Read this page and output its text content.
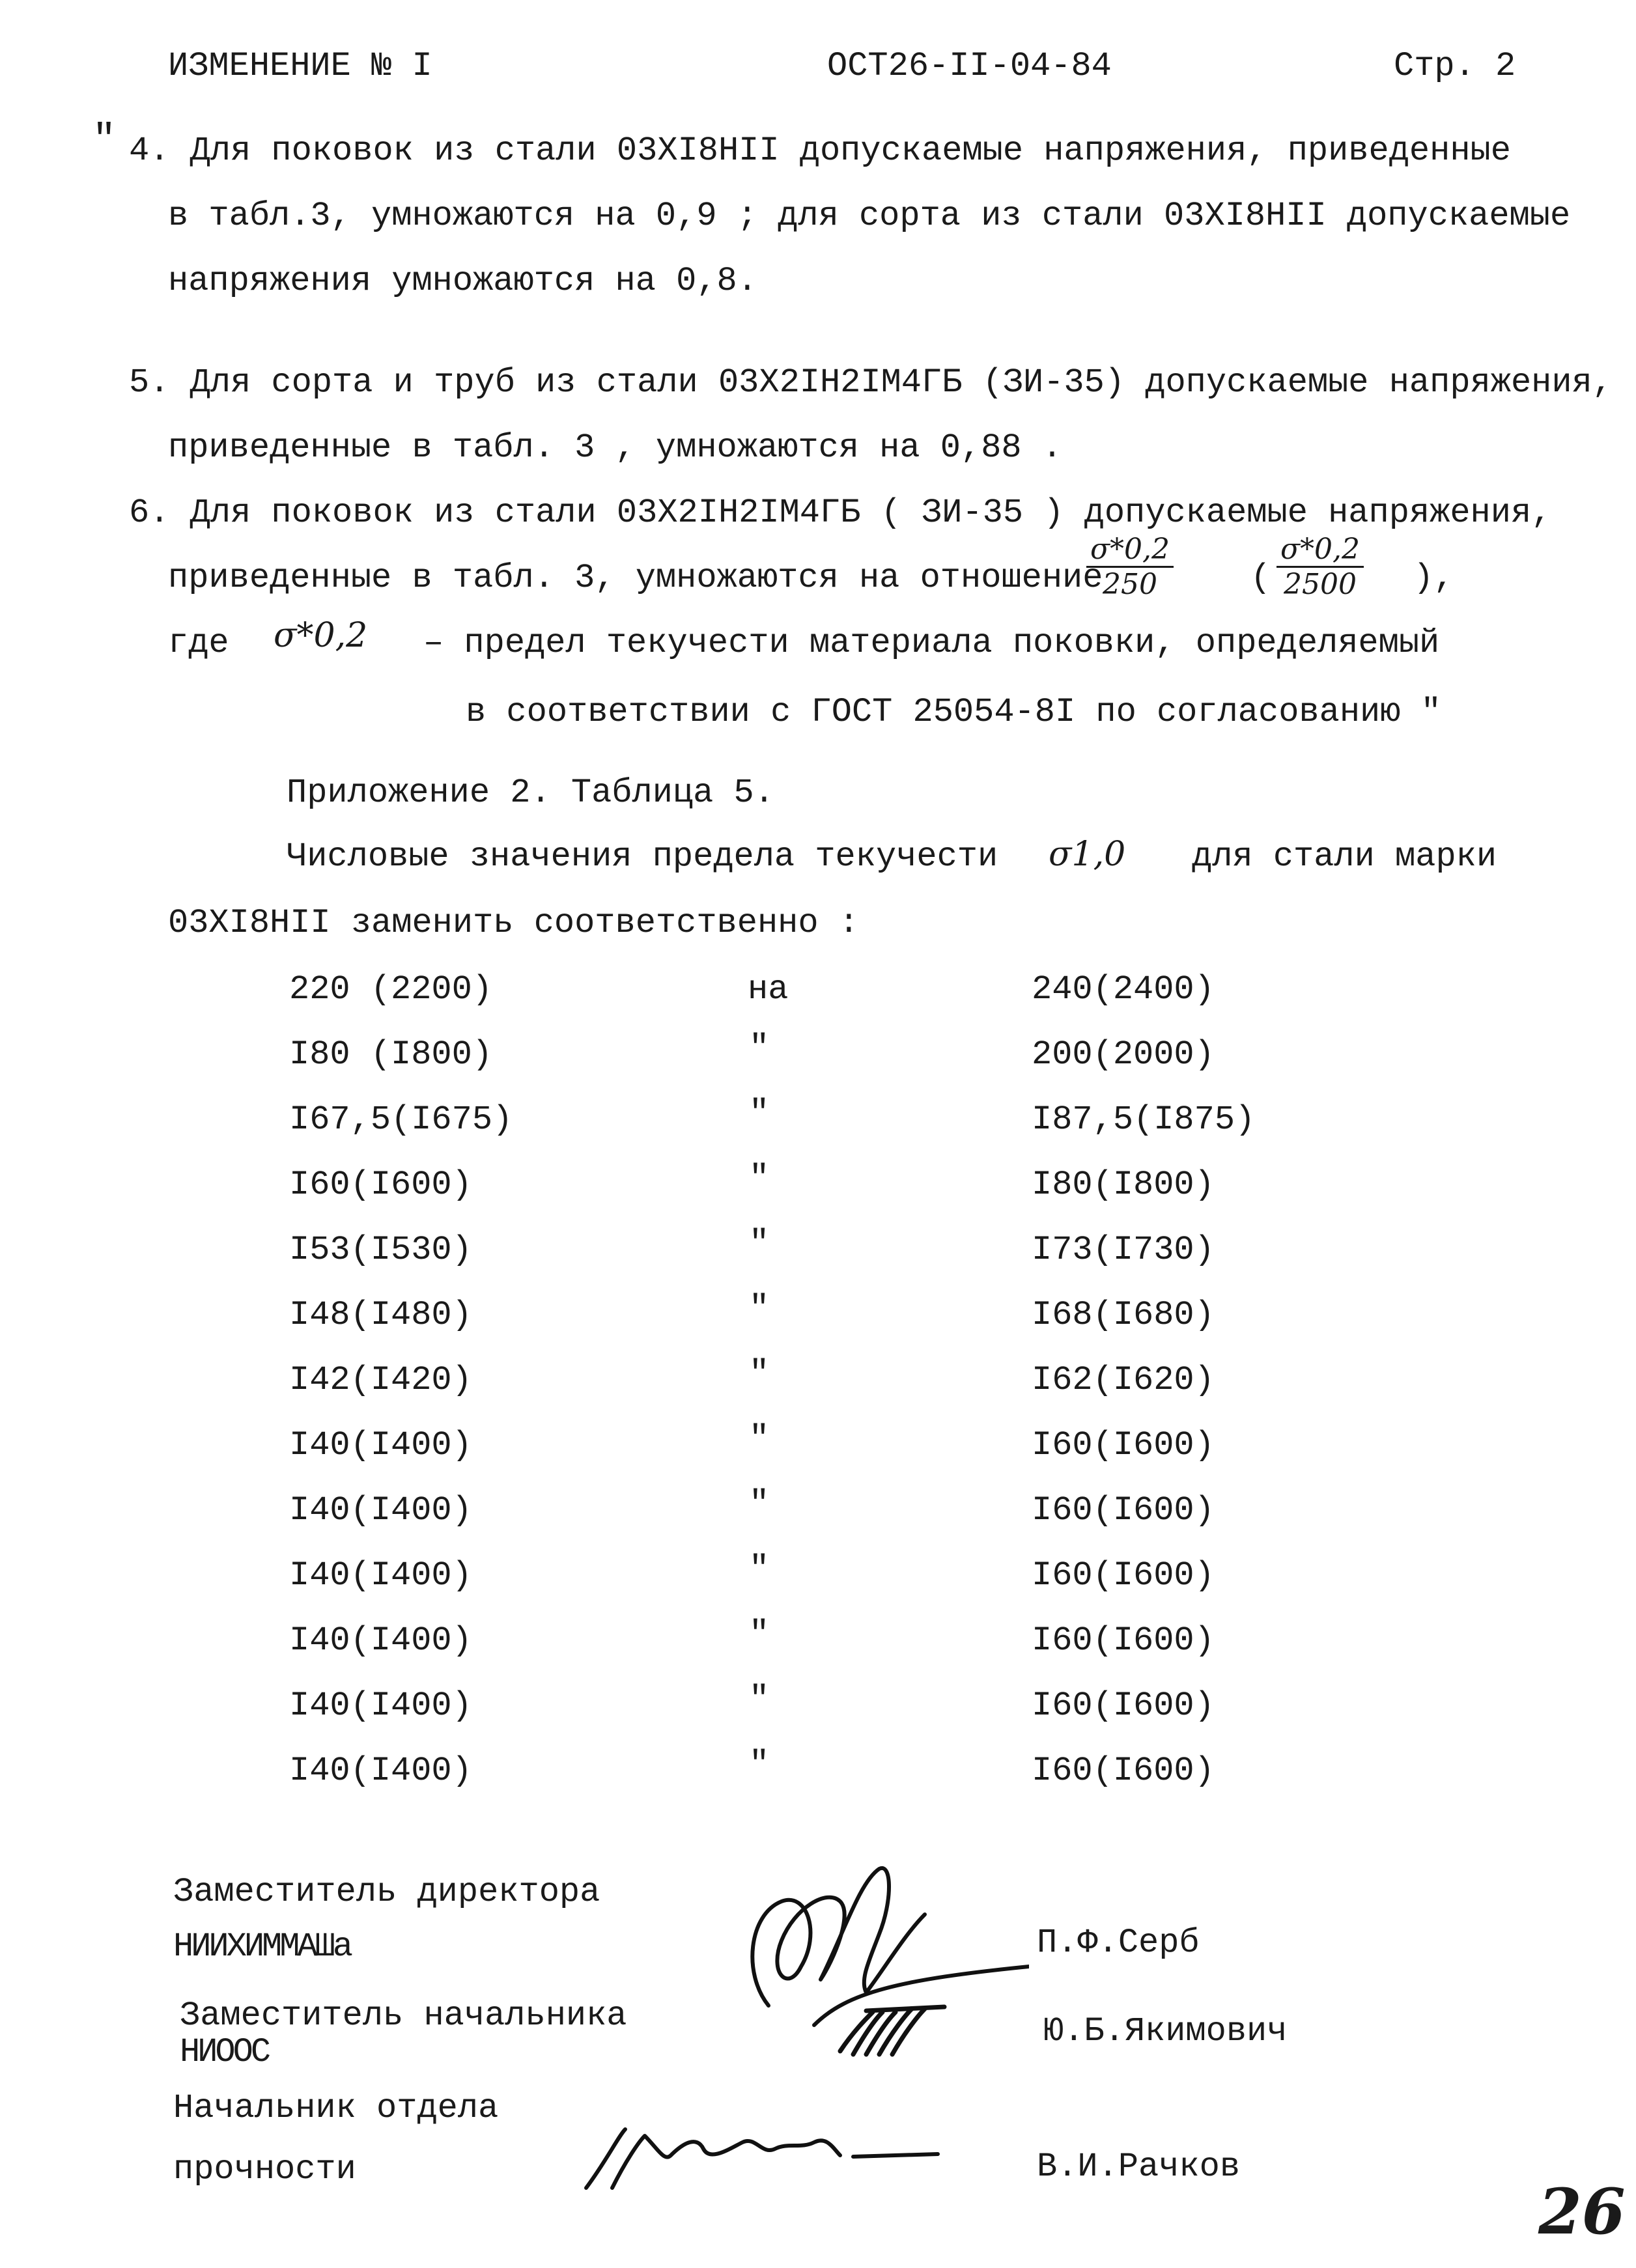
ИЗМЕНЕНИЕ № I	ОСТ26-II-04-84	Стр. 2
" 4. Для поковок из стали 03XI8HII допускаемые напряжения, приведенные
в табл.3, умножаются на 0,9 ; для сорта из стали 03XI8HII допускаемые
напряжения умножаются на 0,8.
5. Для сорта и труб из стали 03X2IH2IM4ГБ (ЗИ-35) допускаемые напряжения,
приведенные в табл. 3 , умножаются на 0,88 .
6. Для поковок из стали 03X2IH2IM4ГБ ( ЗИ-35 ) допускаемые напряжения,
приведенные в табл. 3, умножаются на отношение
$\frac{\sigma*0,2}{250}$ ( $\frac{\sigma*0,2}{2500}$ ),
где σ*0,2 – предел текучести материала поковки, определяемый
в соответствии с ГОСТ 25054-8I по согласованию "
Приложение 2. Таблица 5.
Числовые значения предела текучести σ1,0 для стали марки
03XI8HII заменить соответственно :
220 (2200)	на	240(2400)
I80 (I800)	"	200(2000)
I67,5(I675)	"	I87,5(I875)
I60(I600)	"	I80(I800)
I53(I530)	"	I73(I730)
I48(I480)	"	I68(I680)
I42(I420)	"	I62(I620)
I40(I400)	"	I60(I600)
I40(I400)	"	I60(I600)
I40(I400)	"	I60(I600)
I40(I400)	"	I60(I600)
I40(I400)	"	I60(I600)
I40(I400)	"	I60(I600)
Заместитель директора
НИИХИММАШа	П.Ф.Серб
Заместитель начальника
НИООС
Ю.Б.Якимович
Начальник отдела
прочности	В.И.Рачков
26
